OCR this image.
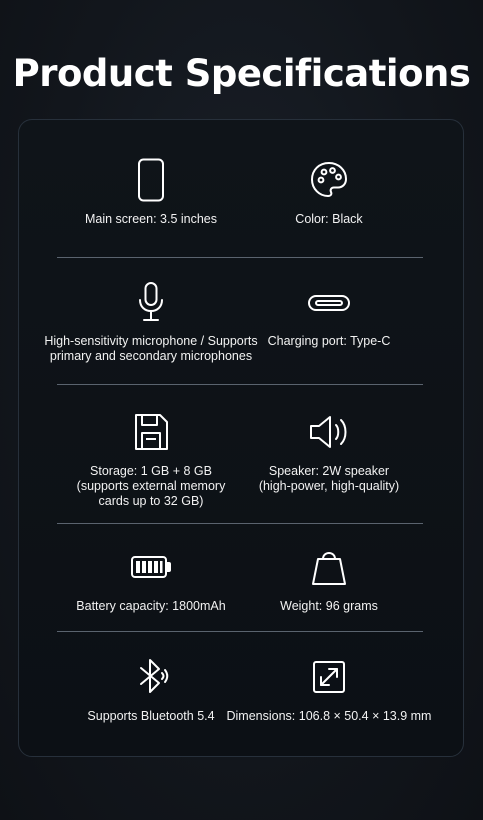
Product Specifications
Main screen: 3.5 inches	Color: Black
High-sensitivity microphone / Supports
primary and secondary microphones
Charging port: Type-C
Storage: 1 GB + 8 GB
(supports external memory
cards up to 32 GB)
Speaker: 2W speaker
(high-power, high-quality)
Battery capacity: 1800mAh	Weight: 96 grams
Supports Bluetooth 5.4 Dimensions: 106.8 × 50.4 × 13.9 mm
